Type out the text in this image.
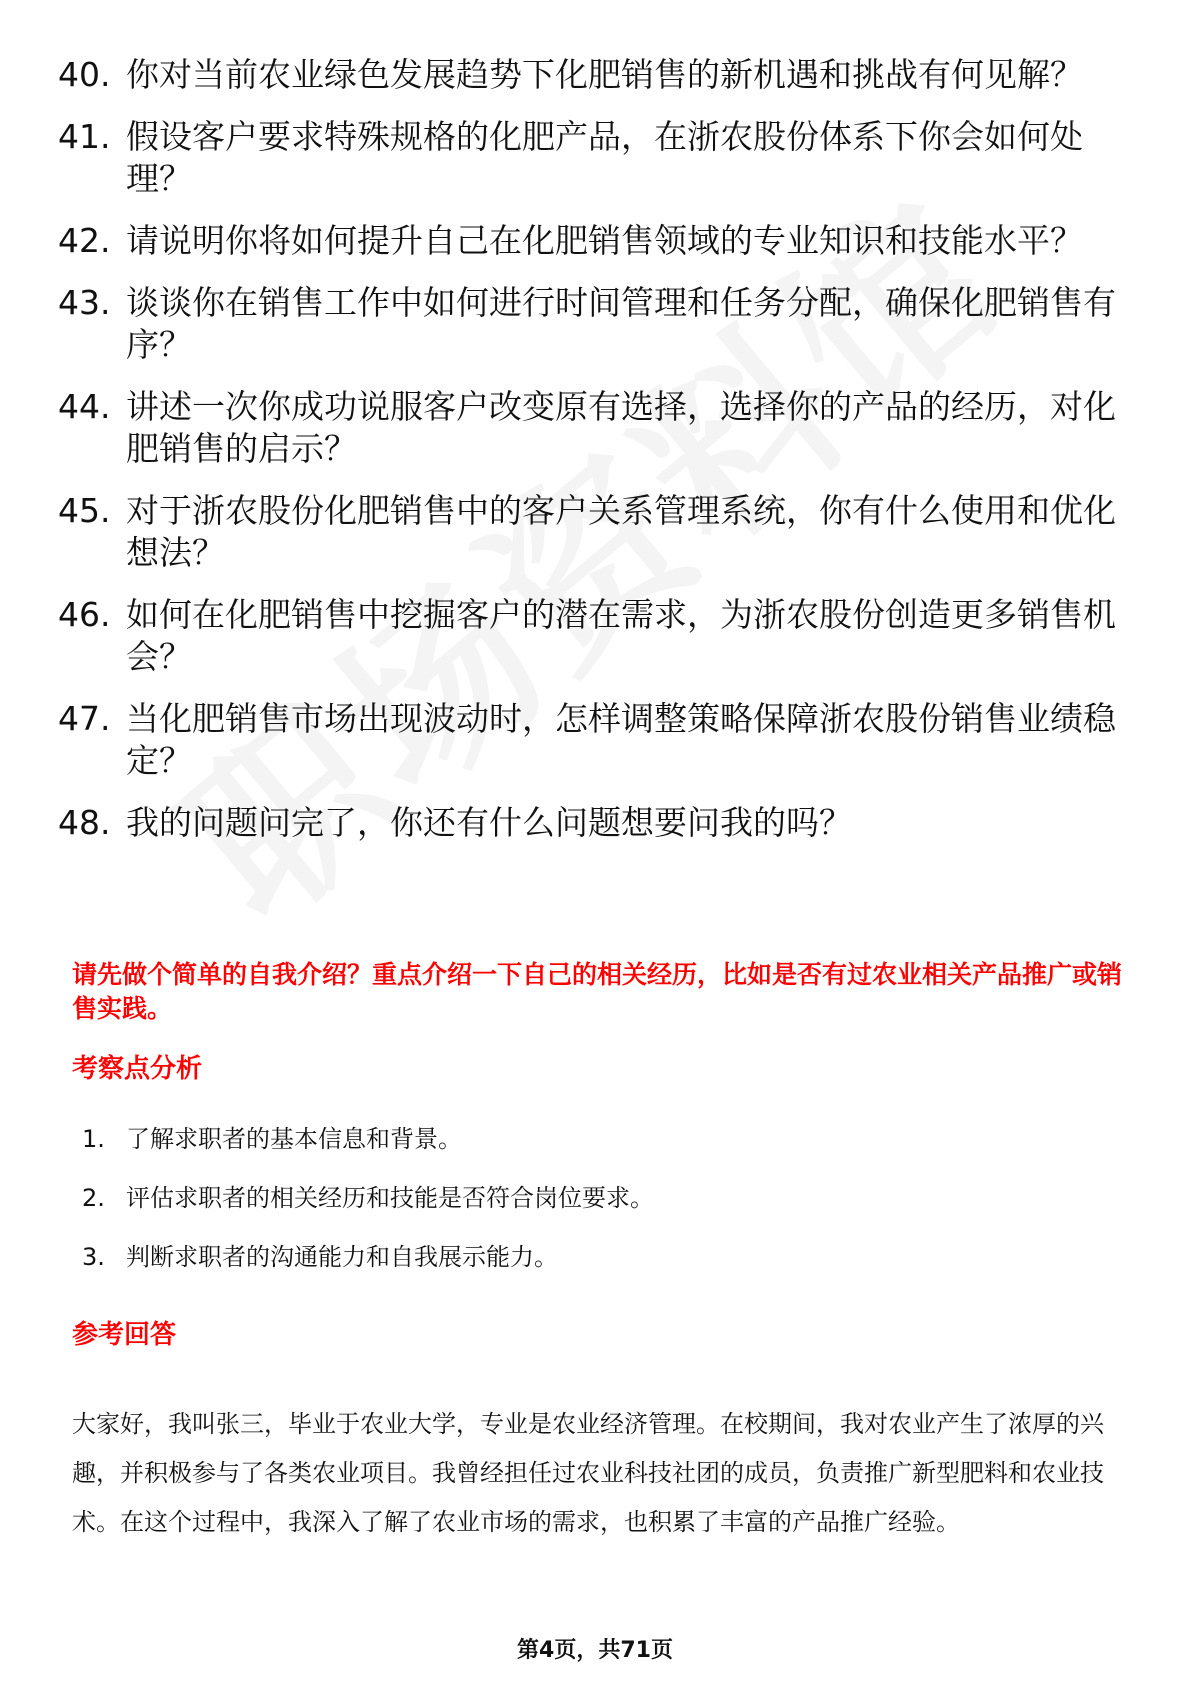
40. 你对当前农业绿色发展趋势下化肥销售的新机遇和挑战有何见解？
41. 假设客户要求特殊规格的化肥产品，在浙农股份体系下你会如何处理？
42. 请说明你将如何提升自己在化肥销售领域的专业知识和技能水平？
43. 谈谈你在销售工作中如何进行时间管理和任务分配，确保化肥销售有序？
44. 讲述一次你成功说服客户改变原有选择，选择你的产品的经历，对化肥销售的启示？
45. 对于浙农股份化肥销售中的客户关系管理系统，你有什么使用和优化想法？
46. 如何在化肥销售中挖掘客户的潜在需求，为浙农股份创造更多销售机会？
47. 当化肥销售市场出现波动时，怎样调整策略保障浙农股份销售业绩稳定？
48. 我的问题问完了，你还有什么问题想要问我的吗？

请先做个简单的自我介绍？重点介绍一下自己的相关经历，比如是否有过农业相关产品推广或销售实践。

考察点分析
1. 了解求职者的基本信息和背景。
2. 评估求职者的相关经历和技能是否符合岗位要求。
3. 判断求职者的沟通能力和自我展示能力。
参考回答

大家好，我叫张三，毕业于农业大学，专业是农业经济管理。在校期间，我对农业产生了浓厚的兴趣，并积极参与了各类农业项目。我曾经担任过农业科技社团的成员，负责推广新型肥料和农业技术。在这个过程中，我深入了解了农业市场的需求，也积累了丰富的产品推广经验。

第4页，共71页
